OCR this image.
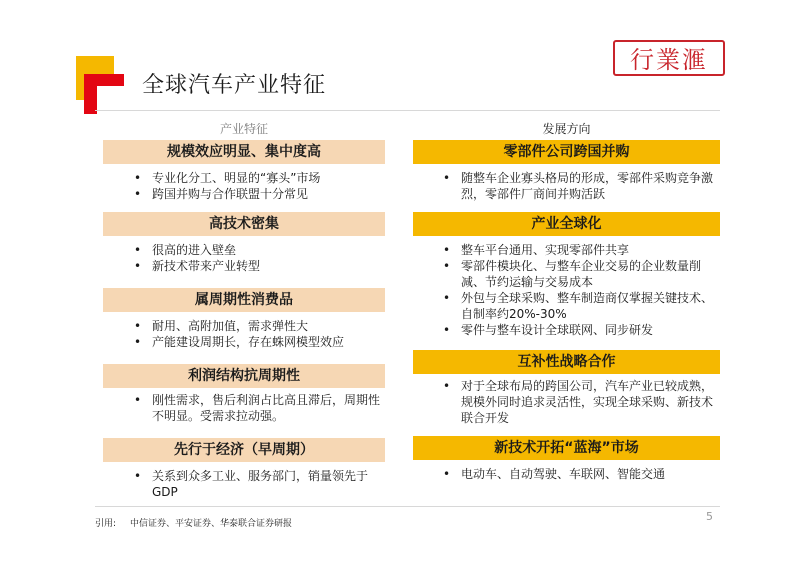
全球汽车产业特征
行業滙
产业特征	发展方向
规模效应明显、集中度高
• 专业化分工、明显的“寡头”市场
• 跨国并购与合作联盟十分常见
高技术密集
• 很高的进入壁垒
• 新技术带来产业转型
属周期性消费品
• 耐用、高附加值，需求弹性大
• 产能建设周期长，存在蛛网模型效应
利润结构抗周期性
• 刚性需求，售后利润占比高且滞后，周期性不明显。受需求拉动强。
先行于经济（早周期）
• 关系到众多工业、服务部门，销量领先于GDP
零部件公司跨国并购
• 随整车企业寡头格局的形成，零部件采购竞争激烈，零部件厂商间并购活跃
产业全球化
• 整车平台通用、实现零部件共享
• 零部件模块化、与整车企业交易的企业数量削减、节约运输与交易成本
• 外包与全球采购、整车制造商仅掌握关键技术、自制率约20%-30%
• 零件与整车设计全球联网、同步研发
互补性战略合作
• 对于全球布局的跨国公司，汽车产业已较成熟，规模外同时追求灵活性，实现全球采购、新技术联合开发
新技术开拓“蓝海”市场
• 电动车、自动驾驶、车联网、智能交通
引用: 中信证券、平安证券、华泰联合证券研报
5
